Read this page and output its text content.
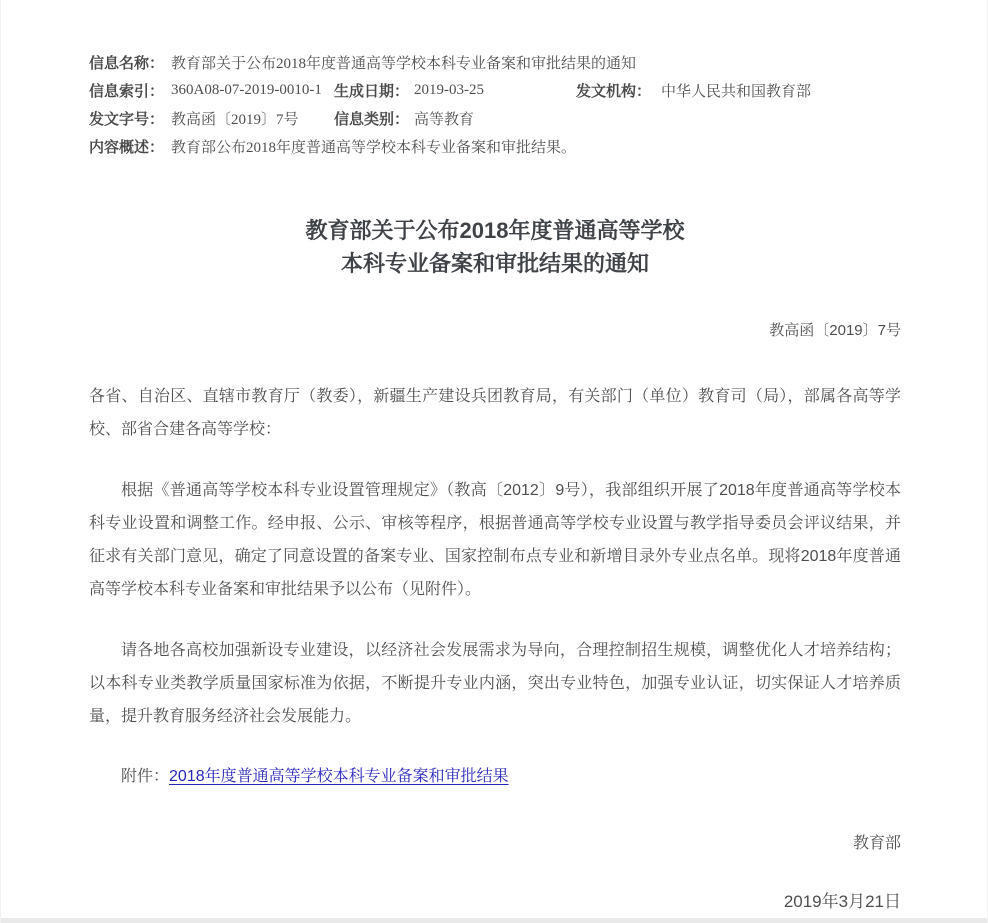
信息名称：	教育部关于公布2018年度普通高等学校本科专业备案和审批结果的通知				
信息索引：	360A08-07-2019-0010-1	生成日期：	2019-03-25	发文机构：	中华人民共和国教育部
发文字号：	教高函〔2019〕7号	信息类别：	高等教育		
内容概述：	教育部公布2018年度普通高等学校本科专业备案和审批结果。				
教育部关于公布2018年度普通高等学校
本科专业备案和审批结果的通知
教高函〔2019〕7号

各省、自治区、直辖市教育厅（教委），新疆生产建设兵团教育局，有关部门（单位）教育司（局），部属各高等学校、部省合建各高等学校：

根据《普通高等学校本科专业设置管理规定》（教高〔2012〕9号），我部组织开展了2018年度普通高等学校本科专业设置和调整工作。经申报、公示、审核等程序，根据普通高等学校专业设置与教学指导委员会评议结果，并征求有关部门意见，确定了同意设置的备案专业、国家控制布点专业和新增目录外专业点名单。现将2018年度普通高等学校本科专业备案和审批结果予以公布（见附件）。

请各地各高校加强新设专业建设，以经济社会发展需求为导向，合理控制招生规模，调整优化人才培养结构；以本科专业类教学质量国家标准为依据，不断提升专业内涵，突出专业特色，加强专业认证，切实保证人才培养质量，提升教育服务经济社会发展能力。

附件：2018年度普通高等学校本科专业备案和审批结果
教育部
2019年3月21日
